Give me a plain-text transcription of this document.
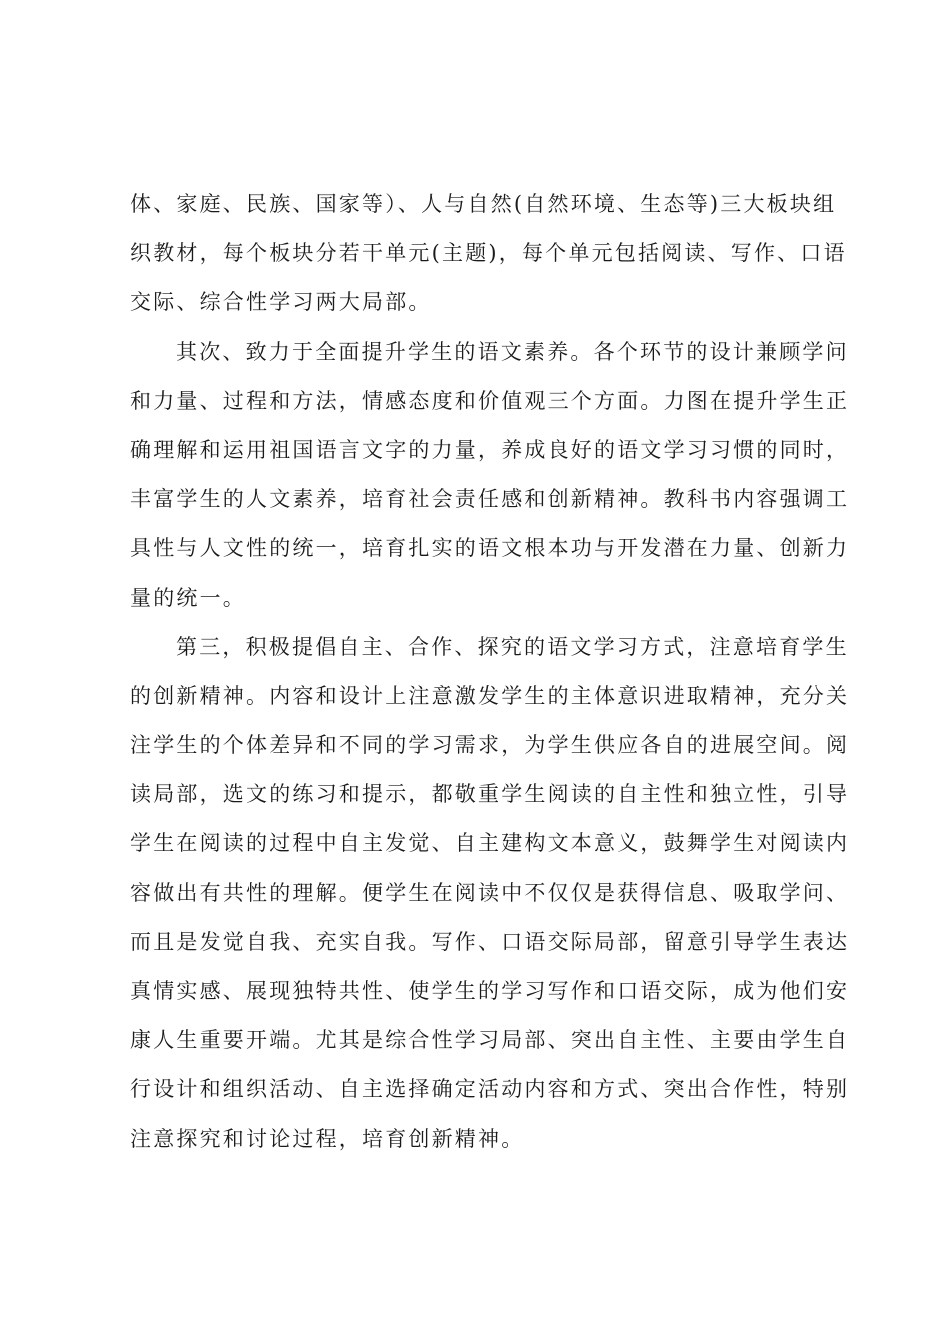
体、家庭、民族、国家等）、人与自然(自然环境、生态等)三大板块组
织教材，每个板块分若干单元(主题)，每个单元包括阅读、写作、口语
交际、综合性学习两大局部。
其次、致力于全面提升学生的语文素养。各个环节的设计兼顾学问
和力量、过程和方法，情感态度和价值观三个方面。力图在提升学生正
确理解和运用祖国语言文字的力量，养成良好的语文学习习惯的同时，
丰富学生的人文素养，培育社会责任感和创新精神。教科书内容强调工
具性与人文性的统一，培育扎实的语文根本功与开发潜在力量、创新力
量的统一。
第三，积极提倡自主、合作、探究的语文学习方式，注意培育学生
的创新精神。内容和设计上注意激发学生的主体意识进取精神，充分关
注学生的个体差异和不同的学习需求，为学生供应各自的进展空间。阅
读局部，选文的练习和提示，都敬重学生阅读的自主性和独立性，引导
学生在阅读的过程中自主发觉、自主建构文本意义，鼓舞学生对阅读内
容做出有共性的理解。便学生在阅读中不仅仅是获得信息、吸取学问、
而且是发觉自我、充实自我。写作、口语交际局部，留意引导学生表达
真情实感、展现独特共性、使学生的学习写作和口语交际，成为他们安
康人生重要开端。尤其是综合性学习局部、突出自主性、主要由学生自
行设计和组织活动、自主选择确定活动内容和方式、突出合作性，特别
注意探究和讨论过程，培育创新精神。
